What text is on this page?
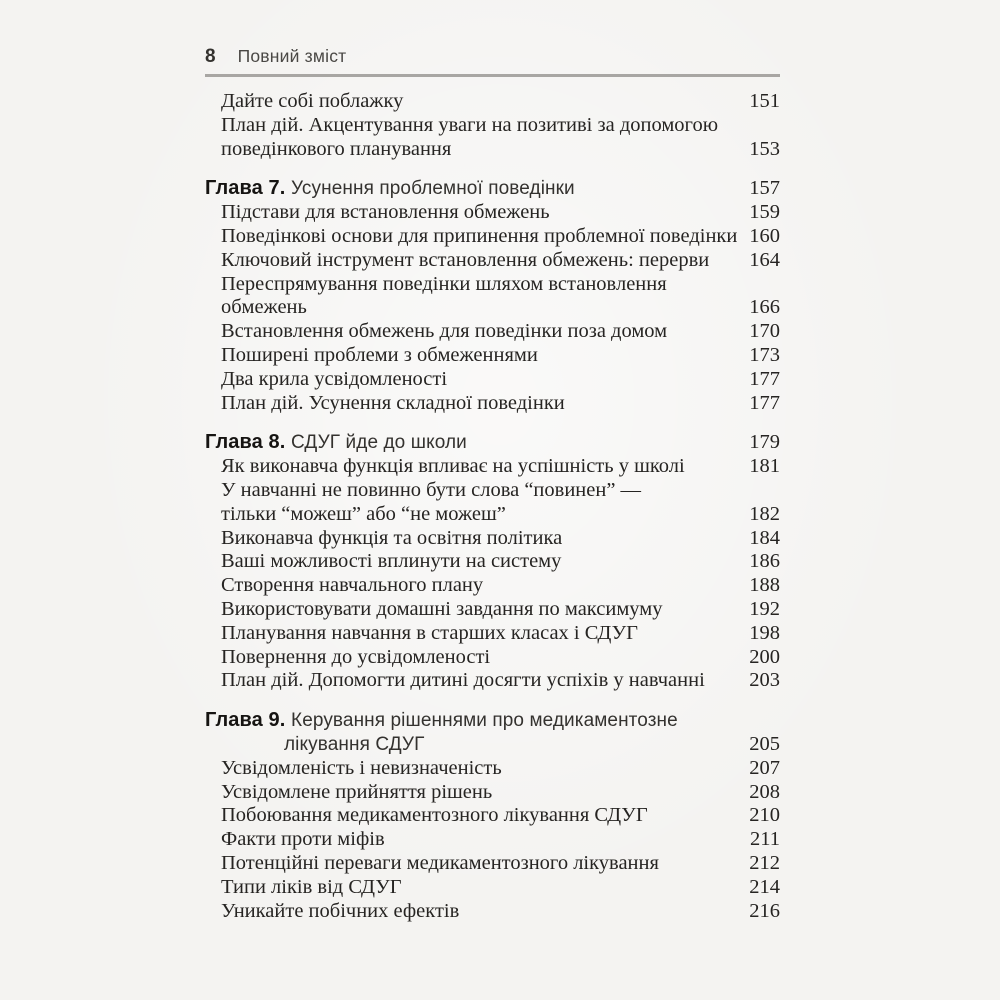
8 Повний зміст
Дайте собі поблажку	151
План дій. Акцентування уваги на позитиві за допомогою
поведінкового планування	153
Глава 7. Усунення проблемної поведінки	157
Підстави для встановлення обмежень	159
Поведінкові основи для припинення проблемної поведінки 160
Ключовий інструмент встановлення обмежень: перерви 164
Переспрямування поведінки шляхом встановлення
обмежень	166
Встановлення обмежень для поведінки поза домом	170
Поширені проблеми з обмеженнями	173
Два крила усвідомленості	177
План дій. Усунення складної поведінки	177
Глава 8. СДУГ йде до школи	179
Як виконавча функція впливає на успішність у школі	181
У навчанні не повинно бути слова “повинен” —
тільки “можеш” або “не можеш”	182
Виконавча функція та освітня політика	184
Ваші можливості вплинути на систему	186
Створення навчального плану	188
Використовувати домашні завдання по максимуму	192
Планування навчання в старших класах і СДУГ	198
Повернення до усвідомленості	200
План дій. Допомогти дитині досягти успіхів у навчанні 203
Глава 9. Керування рішеннями про медикаментозне
лікування СДУГ	205
Усвідомленість і невизначеність	207
Усвідомлене прийняття рішень	208
Побоювання медикаментозного лікування СДУГ	210
Факти проти міфів	211
Потенційні переваги медикаментозного лікування	212
Типи ліків від СДУГ	214
Уникайте побічних ефектів	216
